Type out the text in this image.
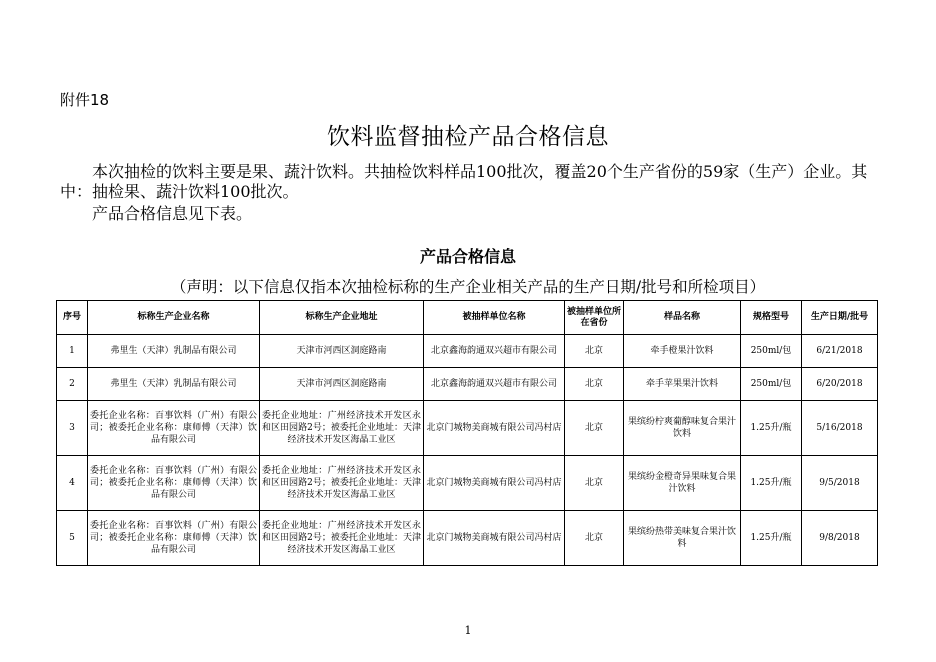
附件18
饮料监督抽检产品合格信息
本次抽检的饮料主要是果、蔬汁饮料。共抽检饮料样品100批次，覆盖20个生产省份的59家（生产）企业。其中：抽检果、蔬汁饮料100批次。
产品合格信息见下表。
产品合格信息
（声明：以下信息仅指本次抽检标称的生产企业相关产品的生产日期/批号和所检项目）
序号	标称生产企业名称	标称生产企业地址	被抽样单位名称	被抽样单位所在省份	样品名称	规格型号	生产日期/批号
1	弗里生（天津）乳制品有限公司	天津市河西区洞庭路南	北京鑫海韵通双兴超市有限公司	北京	牵手橙果汁饮料	250ml/包	6/21/2018
2	弗里生（天津）乳制品有限公司	天津市河西区洞庭路南	北京鑫海韵通双兴超市有限公司	北京	牵手苹果果汁饮料	250ml/包	6/20/2018
3	委托企业名称：百事饮料（广州）有限公司；被委托企业名称：康师傅（天津）饮品有限公司	委托企业地址：广州经济技术开发区永和区田园路2号；被委托企业地址：天津经济技术开发区海晶工业区	北京门城物美商城有限公司冯村店	北京	果缤纷柠爽葡醇味复合果汁饮料	1.25升/瓶	5/16/2018
4	委托企业名称：百事饮料（广州）有限公司；被委托企业名称：康师傅（天津）饮品有限公司	委托企业地址：广州经济技术开发区永和区田园路2号；被委托企业地址：天津经济技术开发区海晶工业区	北京门城物美商城有限公司冯村店	北京	果缤纷金橙奇异果味复合果汁饮料	1.25升/瓶	9/5/2018
5	委托企业名称：百事饮料（广州）有限公司；被委托企业名称：康师傅（天津）饮品有限公司	委托企业地址：广州经济技术开发区永和区田园路2号；被委托企业地址：天津经济技术开发区海晶工业区	北京门城物美商城有限公司冯村店	北京	果缤纷热带美味复合果汁饮料	1.25升/瓶	9/8/2018
1
